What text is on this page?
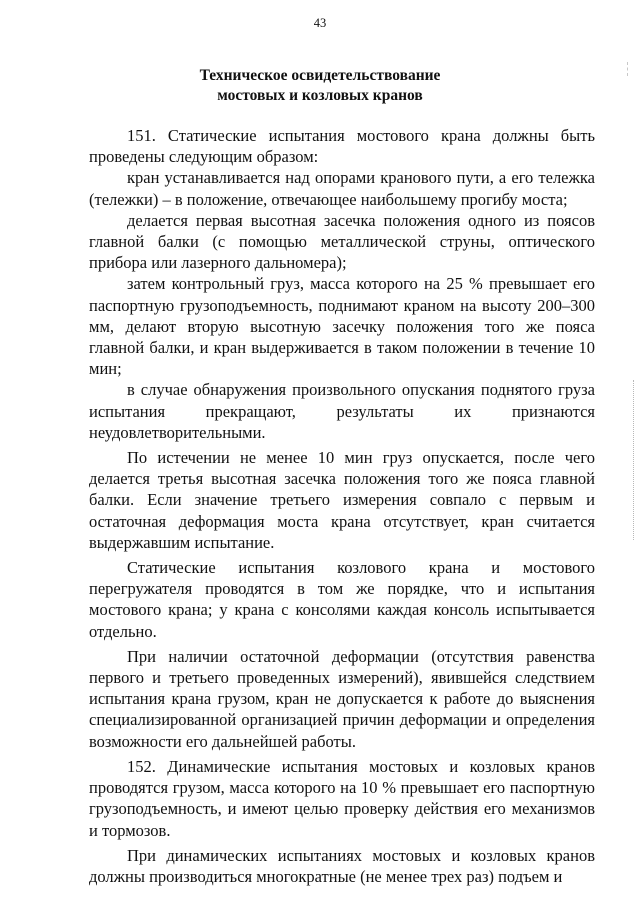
43
Техническое освидетельствование
мостовых и козловых кранов

151. Статические испытания мостового крана должны быть проведены следующим образом:

кран устанавливается над опорами кранового пути, а его тележка (тележки) – в положение, отвечающее наибольшему прогибу моста;

делается первая высотная засечка положения одного из поясов главной балки (с помощью металлической струны, оптического прибора или лазерного дальномера);

затем контрольный груз, масса которого на 25 % превышает его паспортную грузоподъемность, поднимают краном на высоту 200–300 мм, делают вторую высотную засечку положения того же пояса главной балки, и кран выдерживается в таком положении в течение 10 мин;

в случае обнаружения произвольного опускания поднятого груза испытания прекращают, результаты их признаются неудовлетворительными.

По истечении не менее 10 мин груз опускается, после чего делается третья высотная засечка положения того же пояса главной балки. Если значение третьего измерения совпало с первым и остаточная деформация моста крана отсутствует, кран считается выдержавшим испытание.

Статические испытания козлового крана и мостового перегружателя проводятся в том же порядке, что и испытания мостового крана; у крана с консолями каждая консоль испытывается отдельно.

При наличии остаточной деформации (отсутствия равенства первого и третьего проведенных измерений), явившейся следствием испытания крана грузом, кран не допускается к работе до выяснения специализированной организацией причин деформации и определения возможности его дальнейшей работы.

152. Динамические испытания мостовых и козловых кранов проводятся грузом, масса которого на 10 % превышает его паспортную грузоподъемность, и имеют целью проверку действия его механизмов и тормозов.

При динамических испытаниях мостовых и козловых кранов должны производиться многократные (не менее трех раз) подъем и
